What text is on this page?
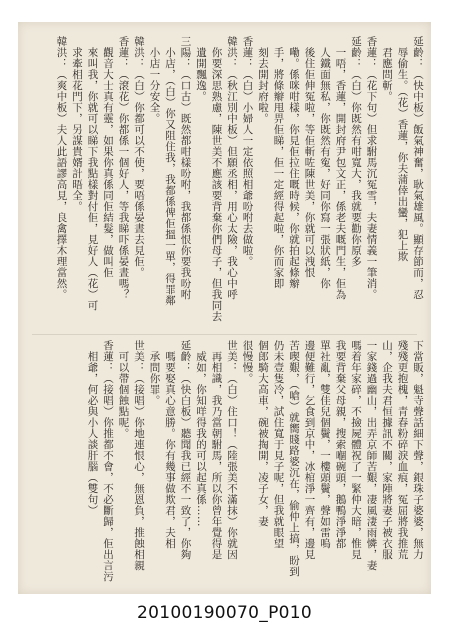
延齡：（快中板）飯氣神奮，耿氣雄風。顯存節而，忍
　辱偷生。（花）香蓮，你夫蒲倖出蠻，犯上欺
　君應問斬。
香蓮：（花下句）但求駙馬沉冤雪，夫妻情義一筆消。
延齡：（白）你既然有咁寬大，我就要勸你原多
　一唔，香蓮，開封府尹包文正，係老夫嘅門生，佢為
　人鐵面無私，你既然有寃，好同你寫一張狀紙，你
　後住佢伸冤啦，等佢斬咗陳世美，你就可以洩恨
　嘞。係咪咁樣，你見佢拉住嘅時候，你就拍起條辮
　手，將條辮甩畀佢睇，佢一定經得起啦，你而家即
　刻去開封府啦。
香蓮：（白）小婦人一定依照相爺吩咐去做啦。
韓洪：（秋江別中板）但願丞相，用心太險，我心中呼
　你要深思熟慮，陳世美不應該要背棄你們母子，但我同去
　遺開飄逸。
三陽：（口古）既然都咁樣吩咐，我都係恨你要我吩咐
　小店，（白）你又阻住我，我都係俾佢搵一單，得罪鄰
　小店一分安全。
韓洪：（白）你都可以不使，要唔係晏晝去見佢。
香蓮：（滾花）你都係一個好人，等我睇吓係晏晝嗎？
　觀音大士真有靈，如果你真係同佢結髮，做叫佢
　來叫我，你就可以睇下我點樣對付佢，見好人（花）可
　求牽相花門下，另謀貴婿計晤全。
韓洪：（爽中板）夫人此語謬高見，良禽擇木理當然。
下當販，魁寺聲話細下聲，銀珠子婆婆，無力
殘殘更抱槐，青春粉碎淚血痕，冤屈將我推荒
山，企我夫君恒據訊不關，家陣將妻子被衣服
一家錢過幽山，出弄京師苦艱，凄風淒雨憐，妻
嗎着年家碎，不撿屍體祝了一緊仲大暗，惟見
我要背棄父母親，搜索嗰碗頭，鵝鴨淨淨都
單社亂，雙佳兒個鬢，一樓頭鬢，聲如雷嗚
邊便難行，乞食到京中，冰棺淨一齊有，邊見
苦喫艱，（嗆）就嚮賤路婆沉在，偷仲上搞，盼到
仍未壹隻冷，試住寬于見子呢，但我就眼望
個郎騎大高車，碗被掏開，凌子女，妻
很慢慢。
世美：（白）住口！（陸張美不滿抹）你就因
　再相識，我乃當朝駙馬，所以你曾年覺得是
　威如，你知咩得我的可以起真係……
延齡：（快白板）聽聞我已經不一致了，你夠
　嗎要娶真心意勝。你有幾事做欺君，夫相
　承問你罪。
世美：（接唱）你地連恨心，無恩負，推蝕相親
　可以帶個蝕點呢。
香蓮：（接唱）你推都不會，不必斷歸，佢出言污
　相爺，何必與小人談肝腦（雙句）
20100190070_P010
